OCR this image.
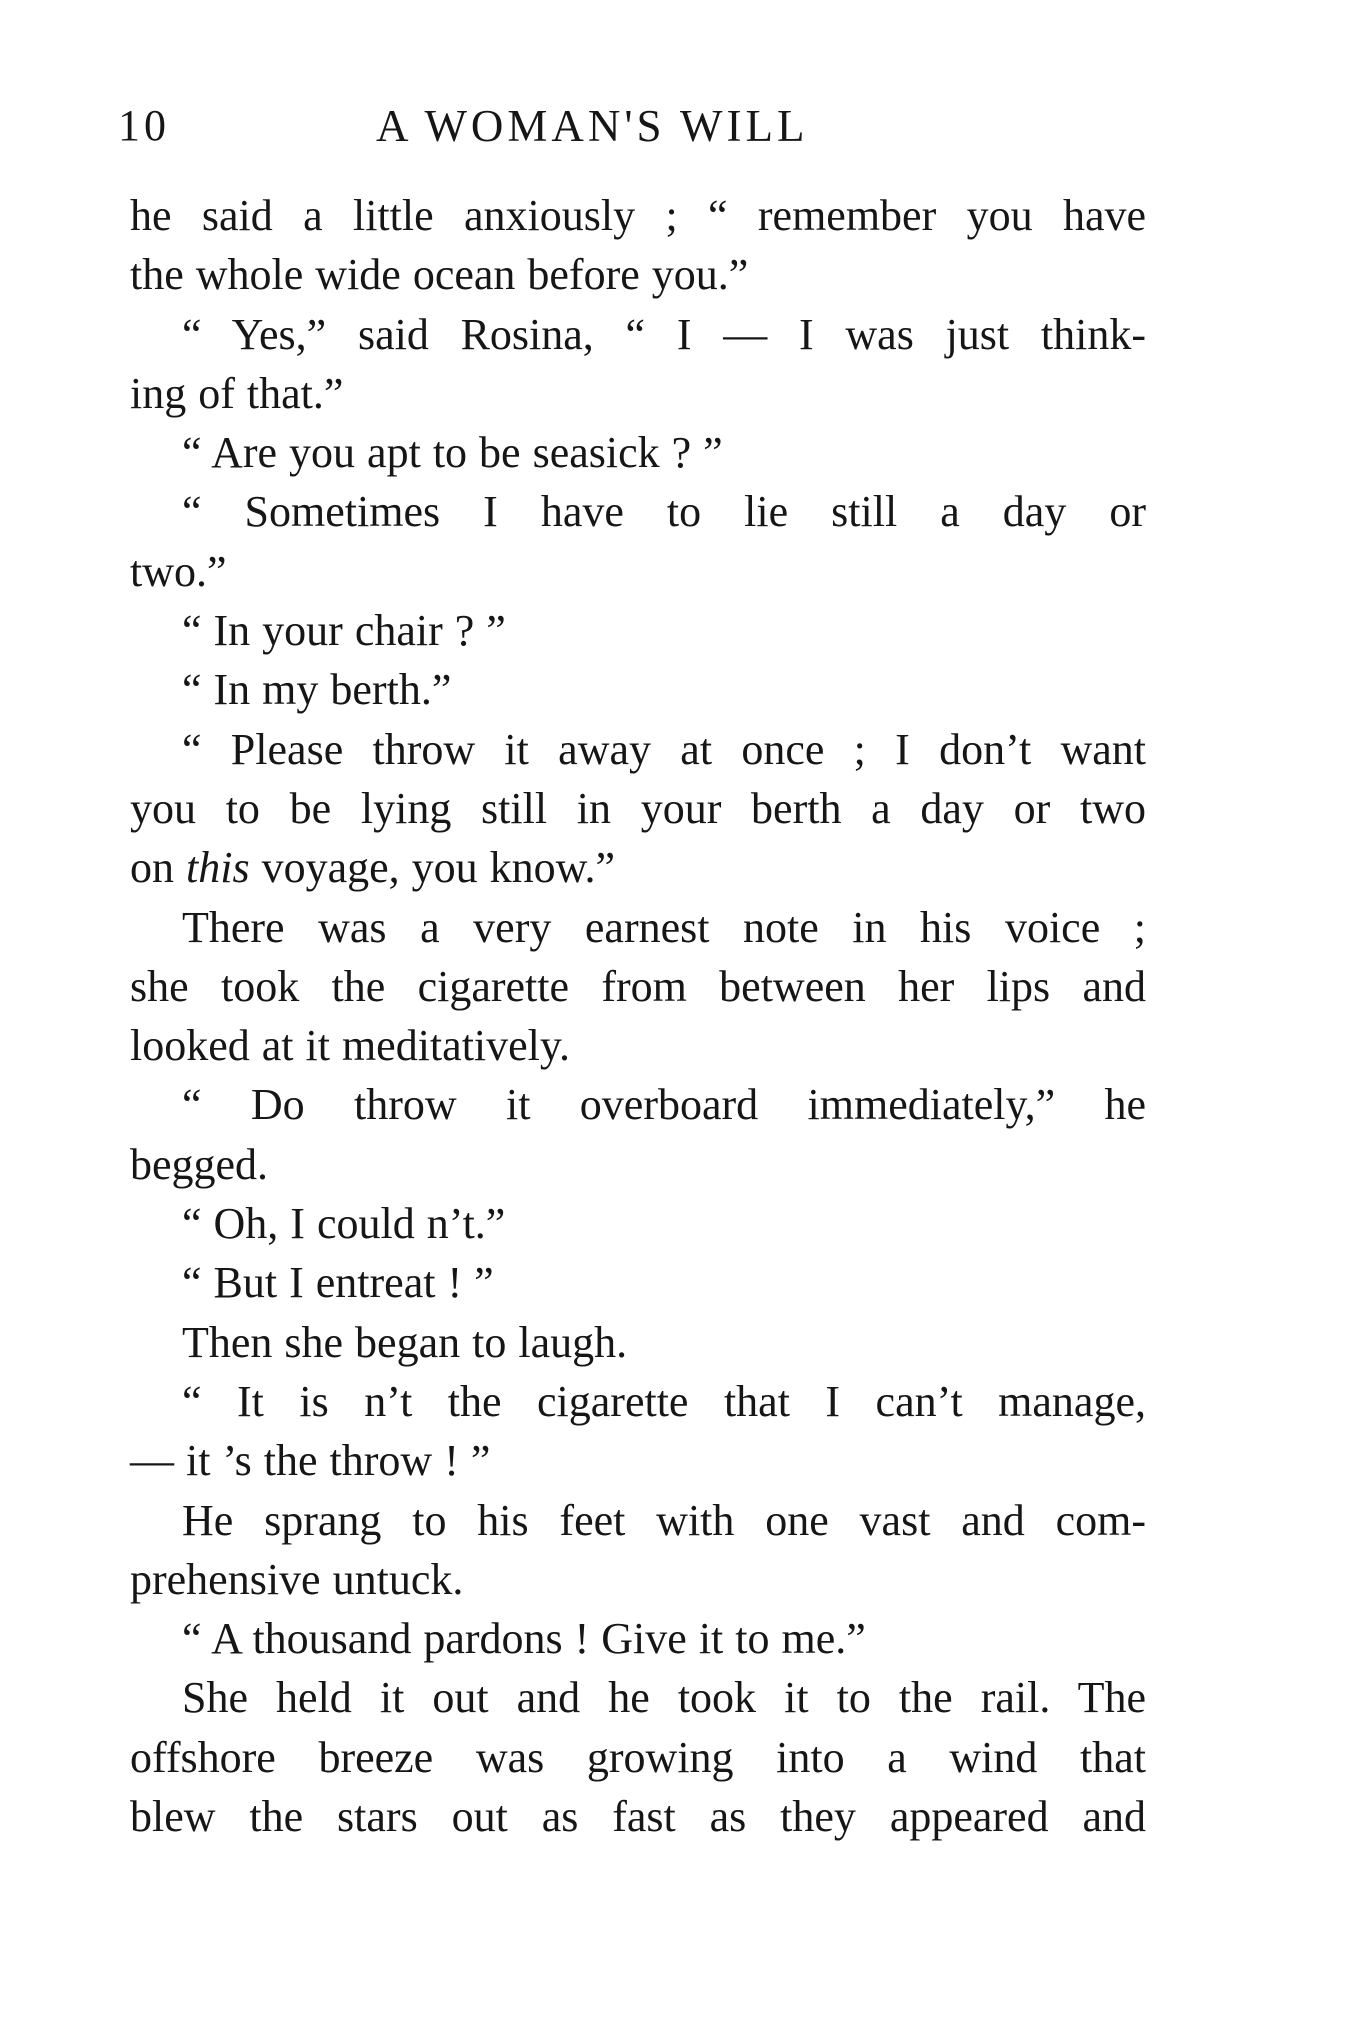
10	A WOMAN'S WILL
he said a little anxiously ; “ remember you have
the whole wide ocean before you.”
“ Yes,” said Rosina, “ I — I was just think-
ing of that.”
“ Are you apt to be seasick ? ”
“ Sometimes I have to lie still a day or
two.”
“ In your chair ? ”
“ In my berth.”
“ Please throw it away at once ; I don’t want
you to be lying still in your berth a day or two
on this voyage, you know.”
There was a very earnest note in his voice ;
she took the cigarette from between her lips and
looked at it meditatively.
“ Do throw it overboard immediately,” he
begged.
“ Oh, I could n’t.”
“ But I entreat ! ”
Then she began to laugh.
“ It is n’t the cigarette that I can’t manage,
— it ’s the throw ! ”
He sprang to his feet with one vast and com-
prehensive untuck.
“ A thousand pardons ! Give it to me.”
She held it out and he took it to the rail. The
offshore breeze was growing into a wind that
blew the stars out as fast as they appeared and
